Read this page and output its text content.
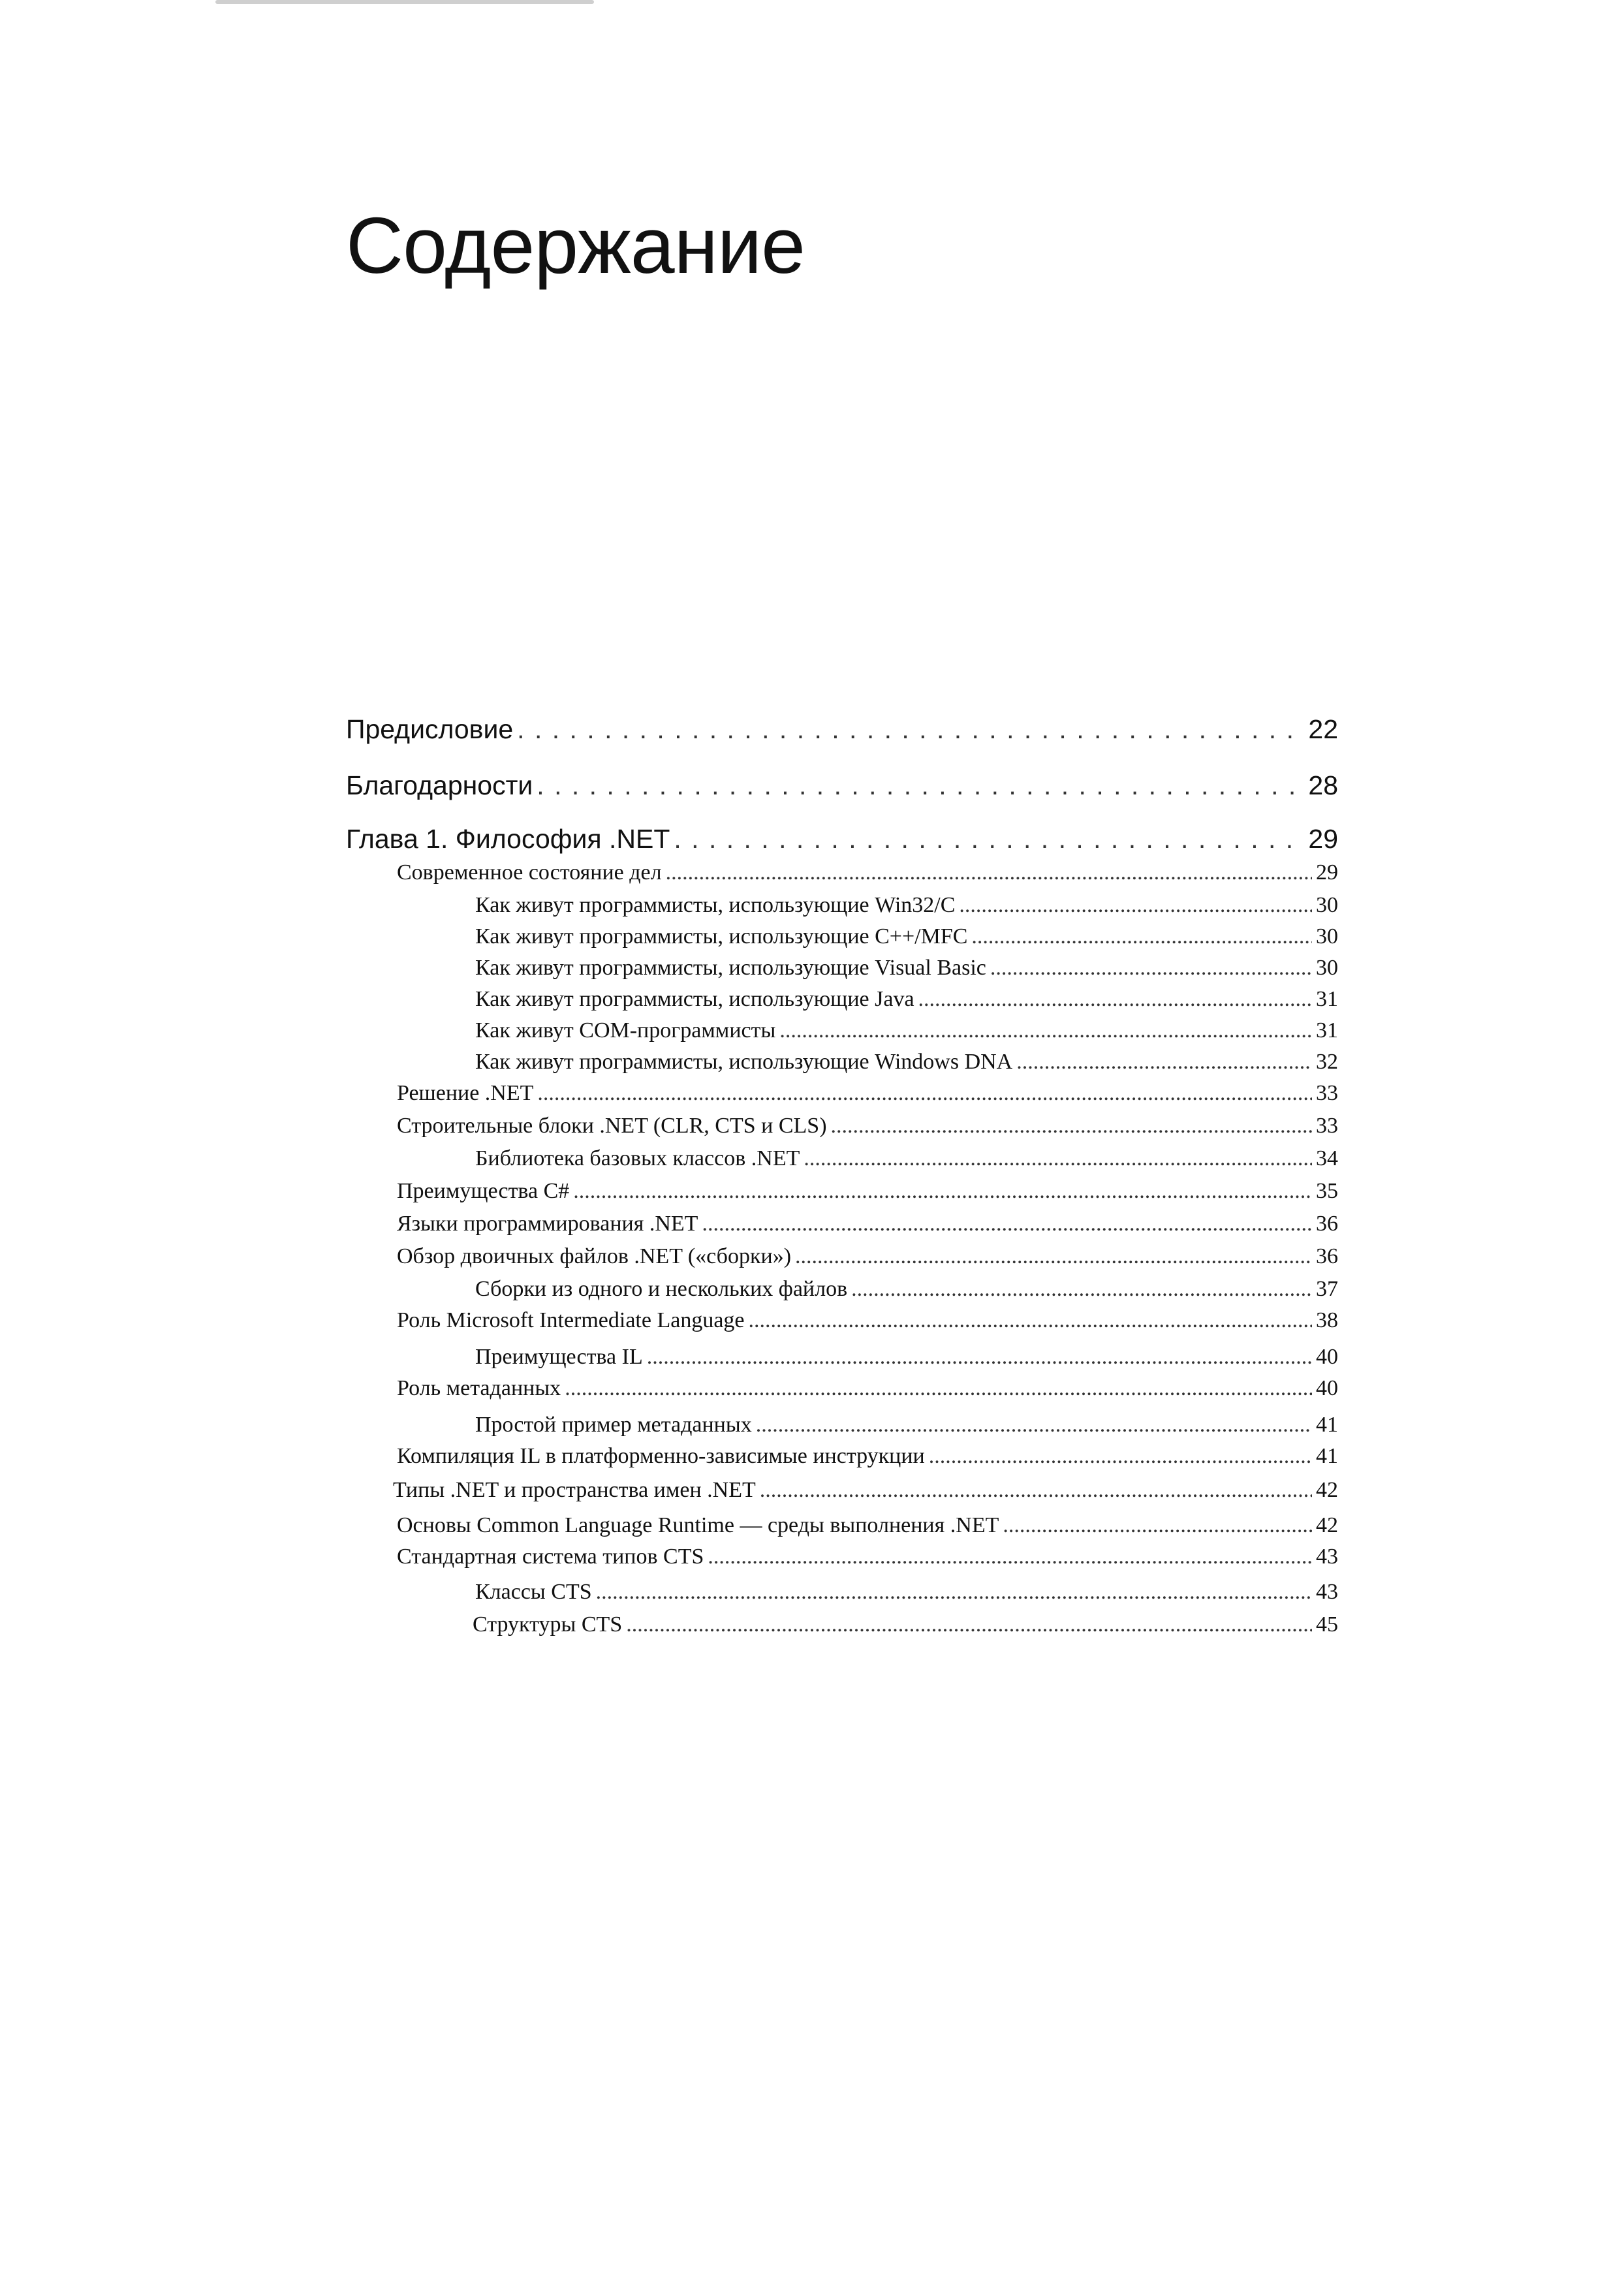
Содержание
Предисловие . . .	22
Благодарности . . .	28
Глава 1. Философия .NET . . .	29
Современное состояние дел .....	29
Как живут программисты, использующие Win32/C .....	30
Как живут программисты, использующие C++/MFC .....	30
Как живут программисты, использующие Visual Basic .....	30
Как живут программисты, использующие Java .....	31
Как живут COM-программисты .....	31
Как живут программисты, использующие Windows DNA .....	32
Решение .NET .....	33
Строительные блоки .NET (CLR, CTS и CLS) .....	33
Библиотека базовых классов .NET .....	34
Преимущества C# .....	35
Языки программирования .NET .....	36
Обзор двоичных файлов .NET («сборки») .....	36
Сборки из одного и нескольких файлов .....	37
Роль Microsoft Intermediate Language .....	38
Преимущества IL .....	40
Роль метаданных .....	40
Простой пример метаданных .....	41
Компиляция IL в платформенно-зависимые инструкции .....	41
Типы .NET и пространства имен .NET .....	42
Основы Common Language Runtime — среды выполнения .NET .....	42
Стандартная система типов CTS .....	43
Классы CTS .....	43
Структуры CTS .....	45
